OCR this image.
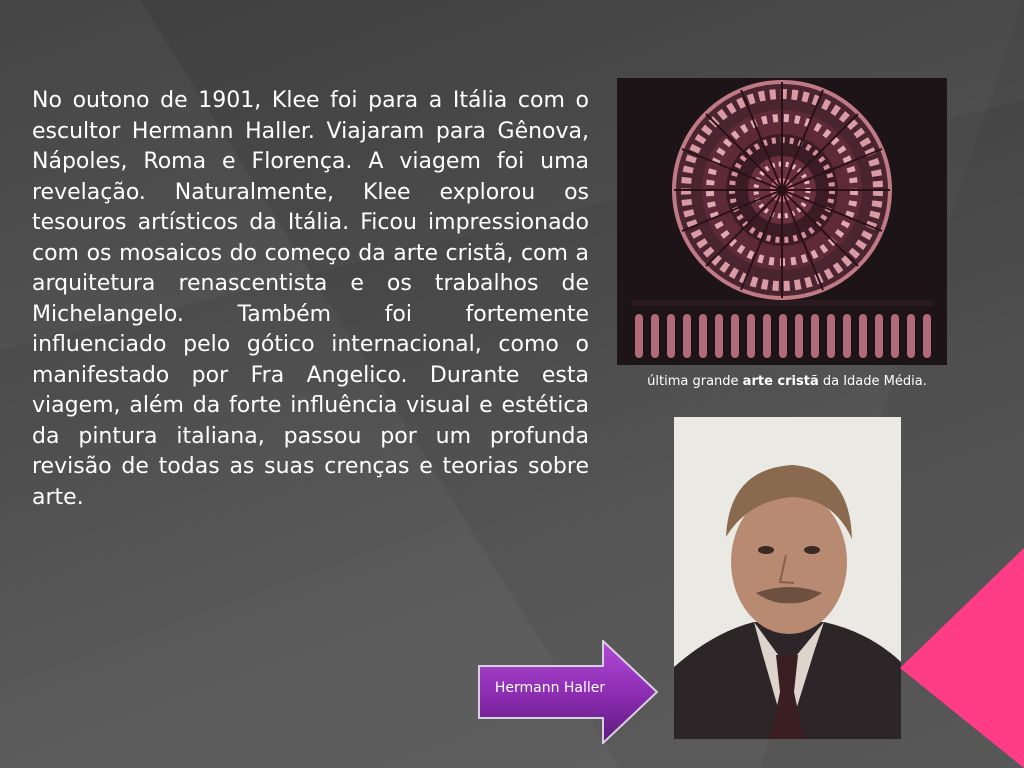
No outono de 1901, Klee foi para a Itália com o escultor Hermann Haller. Viajaram para Gênova, Nápoles, Roma e Florença. A viagem foi uma revelação. Naturalmente, Klee explorou os tesouros artísticos da Itália. Ficou impressionado com os mosaicos do começo da arte cristã, com a arquitetura renascentista e os trabalhos de Michelangelo. Também foi fortemente influenciado pelo gótico internacional, como o manifestado por Fra Angelico. Durante esta viagem, além da forte influência visual e estética da pintura italiana, passou por um profunda revisão de todas as suas crenças e teorias sobre arte.

última grande arte cristã da Idade Média.
Hermann Haller
